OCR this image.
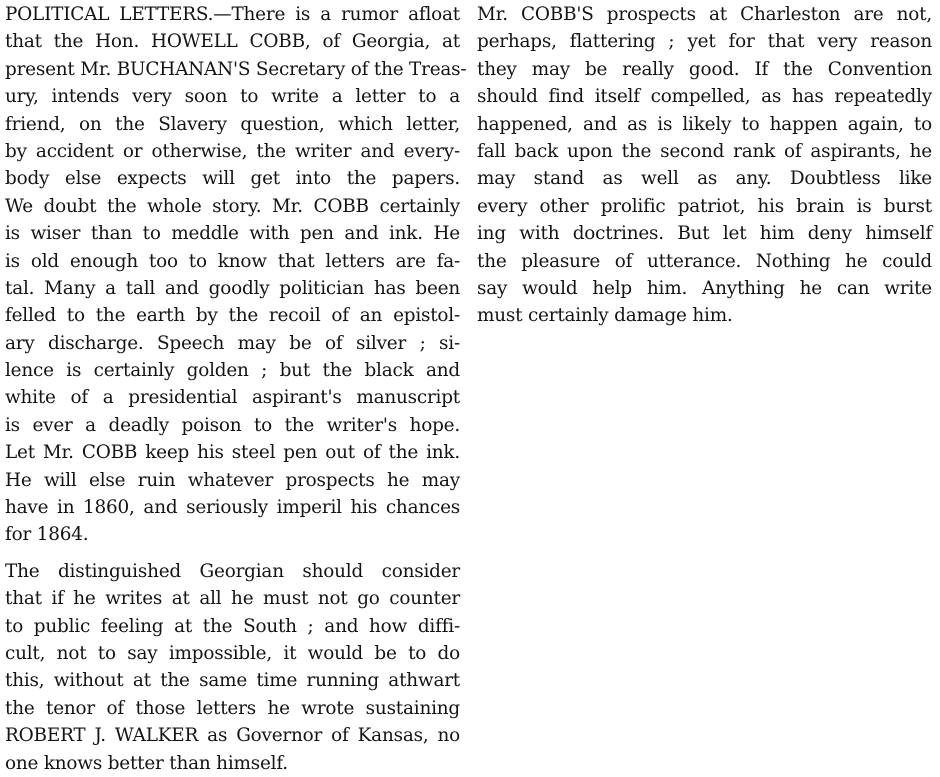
POLITICAL LETTERS.—There is a rumor afloat
that the Hon. HOWELL COBB, of Georgia, at
present Mr. BUCHANAN'S Secretary of the Treas-
ury, intends very soon to write a letter to a
friend, on the Slavery question, which letter,
by accident or otherwise, the writer and every-
body else expects will get into the papers.
We doubt the whole story. Mr. COBB certainly
is wiser than to meddle with pen and ink. He
is old enough too to know that letters are fa-
tal. Many a tall and goodly politician has been
felled to the earth by the recoil of an epistol-
ary discharge. Speech may be of silver ; si-
lence is certainly golden ; but the black and
white of a presidential aspirant's manuscript
is ever a deadly poison to the writer's hope.
Let Mr. COBB keep his steel pen out of the ink.
He will else ruin whatever prospects he may
have in 1860, and seriously imperil his chances
for 1864.
The distinguished Georgian should consider
that if he writes at all he must not go counter
to public feeling at the South ; and how diffi-
cult, not to say impossible, it would be to do
this, without at the same time running athwart
the tenor of those letters he wrote sustaining
ROBERT J. WALKER as Governor of Kansas, no
one knows better than himself.
Mr. COBB'S prospects at Charleston are not,
perhaps, flattering ; yet for that very reason
they may be really good. If the Convention
should find itself compelled, as has repeatedly
happened, and as is likely to happen again, to
fall back upon the second rank of aspirants, he
may stand as well as any. Doubtless like
every other prolific patriot, his brain is burst
ing with doctrines. But let him deny himself
the pleasure of utterance. Nothing he could
say would help him. Anything he can write
must certainly damage him.
